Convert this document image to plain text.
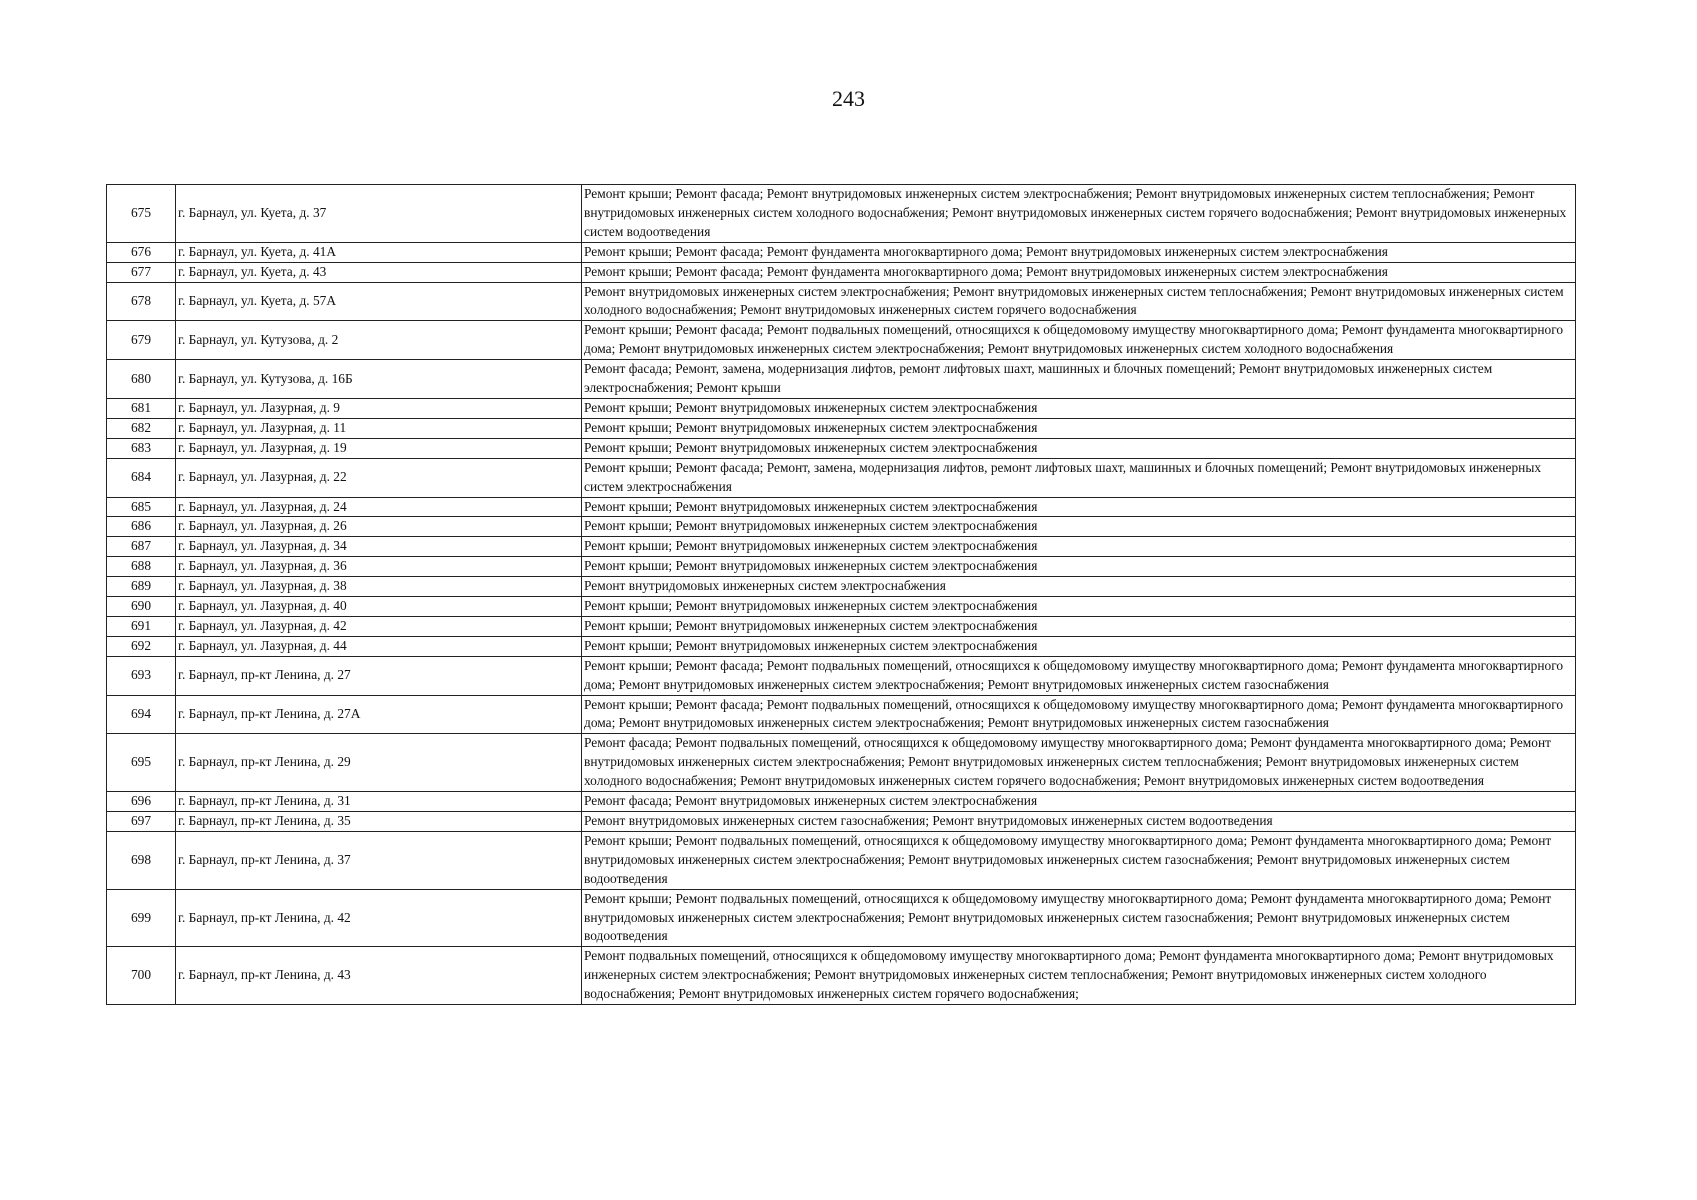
243
675	г. Барнаул, ул. Куета, д. 37	Ремонт крыши; Ремонт фасада; Ремонт внутридомовых инженерных систем электроснабжения; Ремонт внутридомовых инженерных систем теплоснабжения; Ремонт внутридомовых инженерных систем холодного водоснабжения; Ремонт внутридомовых инженерных систем горячего водоснабжения; Ремонт внутридомовых инженерных систем водоотведения
676	г. Барнаул, ул. Куета, д. 41А	Ремонт крыши; Ремонт фасада; Ремонт фундамента многоквартирного дома; Ремонт внутридомовых инженерных систем электроснабжения
677	г. Барнаул, ул. Куета, д. 43	Ремонт крыши; Ремонт фасада; Ремонт фундамента многоквартирного дома; Ремонт внутридомовых инженерных систем электроснабжения
678	г. Барнаул, ул. Куета, д. 57А	Ремонт внутридомовых инженерных систем электроснабжения; Ремонт внутридомовых инженерных систем теплоснабжения; Ремонт внутридомовых инженерных систем холодного водоснабжения; Ремонт внутридомовых инженерных систем горячего водоснабжения
679	г. Барнаул, ул. Кутузова, д. 2	Ремонт крыши; Ремонт фасада; Ремонт подвальных помещений, относящихся к общедомовому имуществу многоквартирного дома; Ремонт фундамента многоквартирного дома; Ремонт внутридомовых инженерных систем электроснабжения; Ремонт внутридомовых инженерных систем холодного водоснабжения
680	г. Барнаул, ул. Кутузова, д. 16Б	Ремонт фасада; Ремонт, замена, модернизация лифтов, ремонт лифтовых шахт, машинных и блочных помещений; Ремонт внутридомовых инженерных систем электроснабжения; Ремонт крыши
681	г. Барнаул, ул. Лазурная, д. 9	Ремонт крыши; Ремонт внутридомовых инженерных систем электроснабжения
682	г. Барнаул, ул. Лазурная, д. 11	Ремонт крыши; Ремонт внутридомовых инженерных систем электроснабжения
683	г. Барнаул, ул. Лазурная, д. 19	Ремонт крыши; Ремонт внутридомовых инженерных систем электроснабжения
684	г. Барнаул, ул. Лазурная, д. 22	Ремонт крыши; Ремонт фасада; Ремонт, замена, модернизация лифтов, ремонт лифтовых шахт, машинных и блочных помещений; Ремонт внутридомовых инженерных систем электроснабжения
685	г. Барнаул, ул. Лазурная, д. 24	Ремонт крыши; Ремонт внутридомовых инженерных систем электроснабжения
686	г. Барнаул, ул. Лазурная, д. 26	Ремонт крыши; Ремонт внутридомовых инженерных систем электроснабжения
687	г. Барнаул, ул. Лазурная, д. 34	Ремонт крыши; Ремонт внутридомовых инженерных систем электроснабжения
688	г. Барнаул, ул. Лазурная, д. 36	Ремонт крыши; Ремонт внутридомовых инженерных систем электроснабжения
689	г. Барнаул, ул. Лазурная, д. 38	Ремонт внутридомовых инженерных систем электроснабжения
690	г. Барнаул, ул. Лазурная, д. 40	Ремонт крыши; Ремонт внутридомовых инженерных систем электроснабжения
691	г. Барнаул, ул. Лазурная, д. 42	Ремонт крыши; Ремонт внутридомовых инженерных систем электроснабжения
692	г. Барнаул, ул. Лазурная, д. 44	Ремонт крыши; Ремонт внутридомовых инженерных систем электроснабжения
693	г. Барнаул, пр-кт Ленина, д. 27	Ремонт крыши; Ремонт фасада; Ремонт подвальных помещений, относящихся к общедомовому имуществу многоквартирного дома; Ремонт фундамента многоквартирного дома; Ремонт внутридомовых инженерных систем электроснабжения; Ремонт внутридомовых инженерных систем газоснабжения
694	г. Барнаул, пр-кт Ленина, д. 27А	Ремонт крыши; Ремонт фасада; Ремонт подвальных помещений, относящихся к общедомовому имуществу многоквартирного дома; Ремонт фундамента многоквартирного дома; Ремонт внутридомовых инженерных систем электроснабжения; Ремонт внутридомовых инженерных систем газоснабжения
695	г. Барнаул, пр-кт Ленина, д. 29	Ремонт фасада; Ремонт подвальных помещений, относящихся к общедомовому имуществу многоквартирного дома; Ремонт фундамента многоквартирного дома; Ремонт внутридомовых инженерных систем электроснабжения; Ремонт внутридомовых инженерных систем теплоснабжения; Ремонт внутридомовых инженерных систем холодного водоснабжения; Ремонт внутридомовых инженерных систем горячего водоснабжения; Ремонт внутридомовых инженерных систем водоотведения
696	г. Барнаул, пр-кт Ленина, д. 31	Ремонт фасада; Ремонт внутридомовых инженерных систем электроснабжения
697	г. Барнаул, пр-кт Ленина, д. 35	Ремонт внутридомовых инженерных систем газоснабжения; Ремонт внутридомовых инженерных систем водоотведения
698	г. Барнаул, пр-кт Ленина, д. 37	Ремонт крыши; Ремонт подвальных помещений, относящихся к общедомовому имуществу многоквартирного дома; Ремонт фундамента многоквартирного дома; Ремонт внутридомовых инженерных систем электроснабжения; Ремонт внутридомовых инженерных систем газоснабжения; Ремонт внутридомовых инженерных систем водоотведения
699	г. Барнаул, пр-кт Ленина, д. 42	Ремонт крыши; Ремонт подвальных помещений, относящихся к общедомовому имуществу многоквартирного дома; Ремонт фундамента многоквартирного дома; Ремонт внутридомовых инженерных систем электроснабжения; Ремонт внутридомовых инженерных систем газоснабжения; Ремонт внутридомовых инженерных систем водоотведения
700	г. Барнаул, пр-кт Ленина, д. 43	Ремонт подвальных помещений, относящихся к общедомовому имуществу многоквартирного дома; Ремонт фундамента многоквартирного дома; Ремонт внутридомовых инженерных систем электроснабжения; Ремонт внутридомовых инженерных систем теплоснабжения; Ремонт внутридомовых инженерных систем холодного водоснабжения; Ремонт внутридомовых инженерных систем горячего водоснабжения;
